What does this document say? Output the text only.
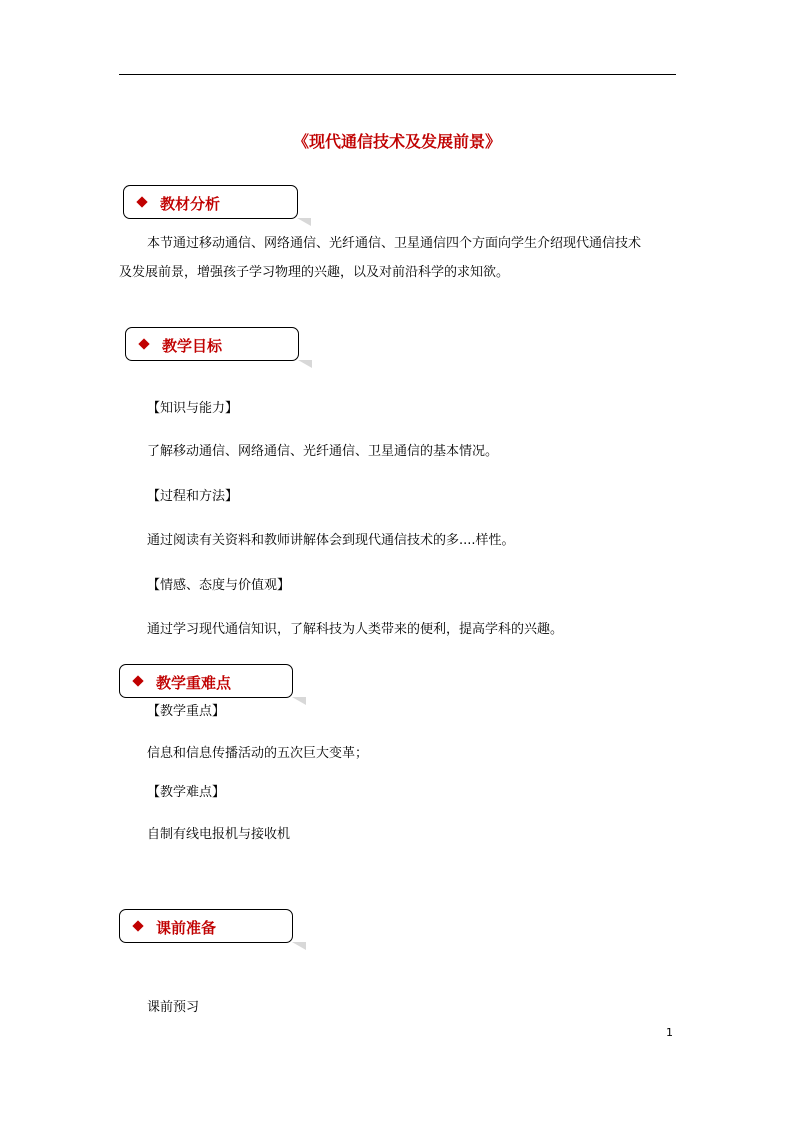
《现代通信技术及发展前景》
教材分析
本节通过移动通信、网络通信、光纤通信、卫星通信四个方面向学生介绍现代通信技术
及发展前景，增强孩子学习物理的兴趣，以及对前沿科学的求知欲。
教学目标
【知识与能力】
了解移动通信、网络通信、光纤通信、卫星通信的基本情况。
【过程和方法】
通过阅读有关资料和教师讲解体会到现代通信技术的多....样性。
【情感、态度与价值观】
通过学习现代通信知识，了解科技为人类带来的便利，提高学科的兴趣。
教学重难点
【教学重点】
信息和信息传播活动的五次巨大变革；
【教学难点】
自制有线电报机与接收机
课前准备
课前预习
1
